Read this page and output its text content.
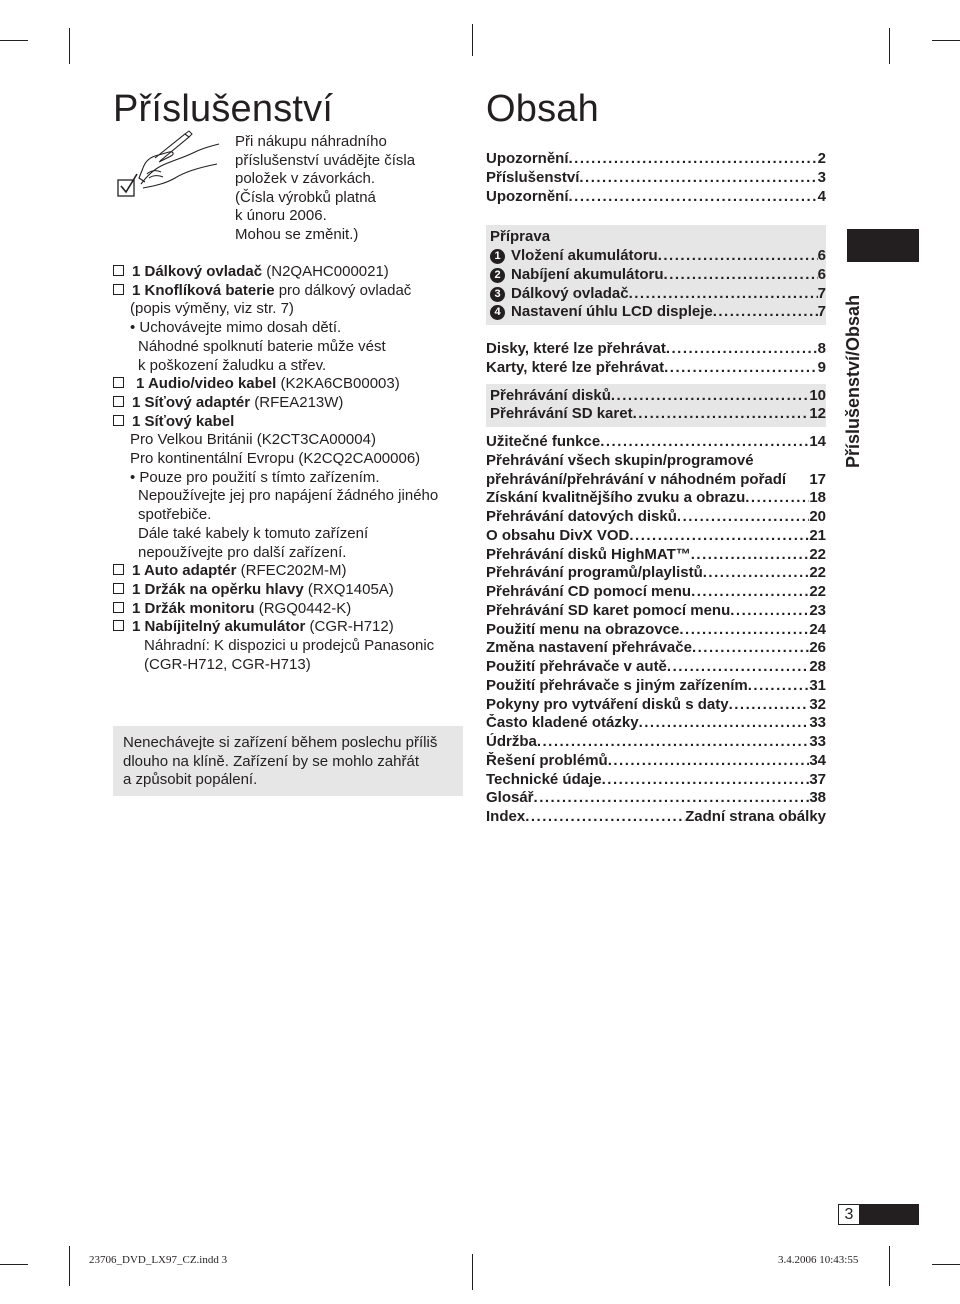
Příslušenství
Při nákupu náhradního
příslušenství uvádějte čísla
položek v závorkách.
(Čísla výrobků platná
k únoru 2006.
Mohou se změnit.)
1 Dálkový ovladač (N2QAHC000021)
1 Knoflíková baterie pro dálkový ovladač
(popis výměny, viz str. 7)
• Uchovávejte mimo dosah dětí.
Náhodné spolknutí baterie může vést
k poškození žaludku a střev.
1 Audio/video kabel (K2KA6CB00003)
1 Síťový adaptér (RFEA213W)
1 Síťový kabel
Pro Velkou Británii (K2CT3CA00004)
Pro kontinentální Evropu (K2CQ2CA00006)
• Pouze pro použití s tímto zařízením.
Nepoužívejte jej pro napájení žádného jiného
spotřebiče.
Dále také kabely k tomuto zařízení
nepoužívejte pro další zařízení.
1 Auto adaptér (RFEC202M-M)
1 Držák na opěrku hlavy (RXQ1405A)
1 Držák monitoru (RGQ0442-K)
1 Nabíjitelný akumulátor (CGR-H712)
Náhradní: K dispozici u prodejců Panasonic
(CGR-H712, CGR-H713)
Nenechávejte si zařízení během poslechu příliš
dlouho na klíně. Zařízení by se mohlo zahřát
a způsobit popálení.
Obsah
Upozornění .....	2
Příslušenství .....	3
Upozornění .....	4
Příprava
1 Vložení akumulátoru .....	6
2 Nabíjení akumulátoru .....	6
3 Dálkový ovladač .....	7
4 Nastavení úhlu LCD displeje .....	7
Disky, které lze přehrávat .....	8
Karty, které lze přehrávat .....	9
Přehrávání disků .....	10
Přehrávání SD karet .....	12
Užitečné funkce .....	14
Přehrávání všech skupin/programové
přehrávání/přehrávání v náhodném pořadí	17
Získání kvalitnějšího zvuku a obrazu .....	18
Přehrávání datových disků .....	20
O obsahu DivX VOD .....	21
Přehrávání disků HighMAT™ .....	22
Přehrávání programů/playlistů .....	22
Přehrávání CD pomocí menu .....	22
Přehrávání SD karet pomocí menu .....	23
Použití menu na obrazovce .....	24
Změna nastavení přehrávače .....	26
Použití přehrávače v autě .....	28
Použití přehrávače s jiným zařízením .....	31
Pokyny pro vytváření disků s daty .....	32
Často kladené otázky .....	33
Údržba .....	33
Řešení problémů .....	34
Technické údaje .....	37
Glosář .....	38
Index .....	Zadní strana obálky
Příslušenství/Obsah
3
23706_DVD_LX97_CZ.indd 3	3.4.2006 10:43:55
